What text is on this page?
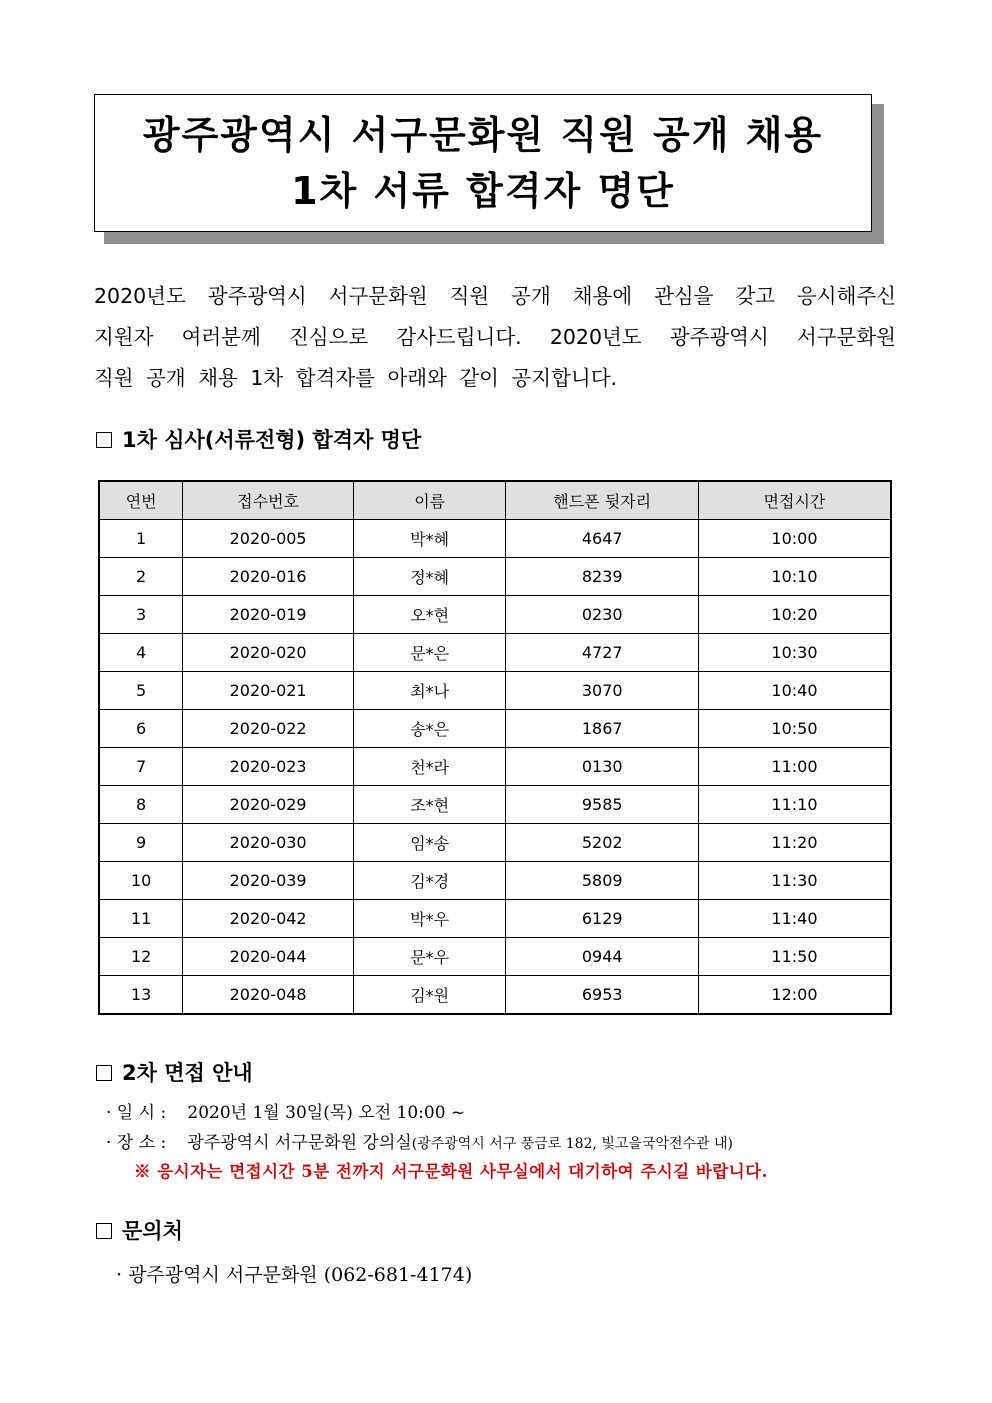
광주광역시 서구문화원 직원 공개 채용
1차 서류 합격자 명단
2020년도 광주광역시 서구문화원 직원 공개 채용에 관심을 갖고 응시해주신
지원자 여러분께 진심으로 감사드립니다. 2020년도 광주광역시 서구문화원
직원 공개 채용 1차 합격자를 아래와 같이 공지합니다.
1차 심사(서류전형) 합격자 명단
연번	접수번호	이름	핸드폰 뒷자리	면접시간
1	2020-005	박*혜	4647	10:00
2	2020-016	정*혜	8239	10:10
3	2020-019	오*현	0230	10:20
4	2020-020	문*은	4727	10:30
5	2020-021	최*나	3070	10:40
6	2020-022	송*은	1867	10:50
7	2020-023	천*라	0130	11:00
8	2020-029	조*현	9585	11:10
9	2020-030	임*송	5202	11:20
10	2020-039	김*경	5809	11:30
11	2020-042	박*우	6129	11:40
12	2020-044	문*우	0944	11:50
13	2020-048	김*원	6953	12:00
2차 면접 안내
· 일 시 : 2020년 1월 30일(목) 오전 10:00 ~
· 장 소 : 광주광역시 서구문화원 강의실(광주광역시 서구 풍금로 182, 빛고을국악전수관 내)
※ 응시자는 면접시간 5분 전까지 서구문화원 사무실에서 대기하여 주시길 바랍니다.
문의처
· 광주광역시 서구문화원 (062-681-4174)
